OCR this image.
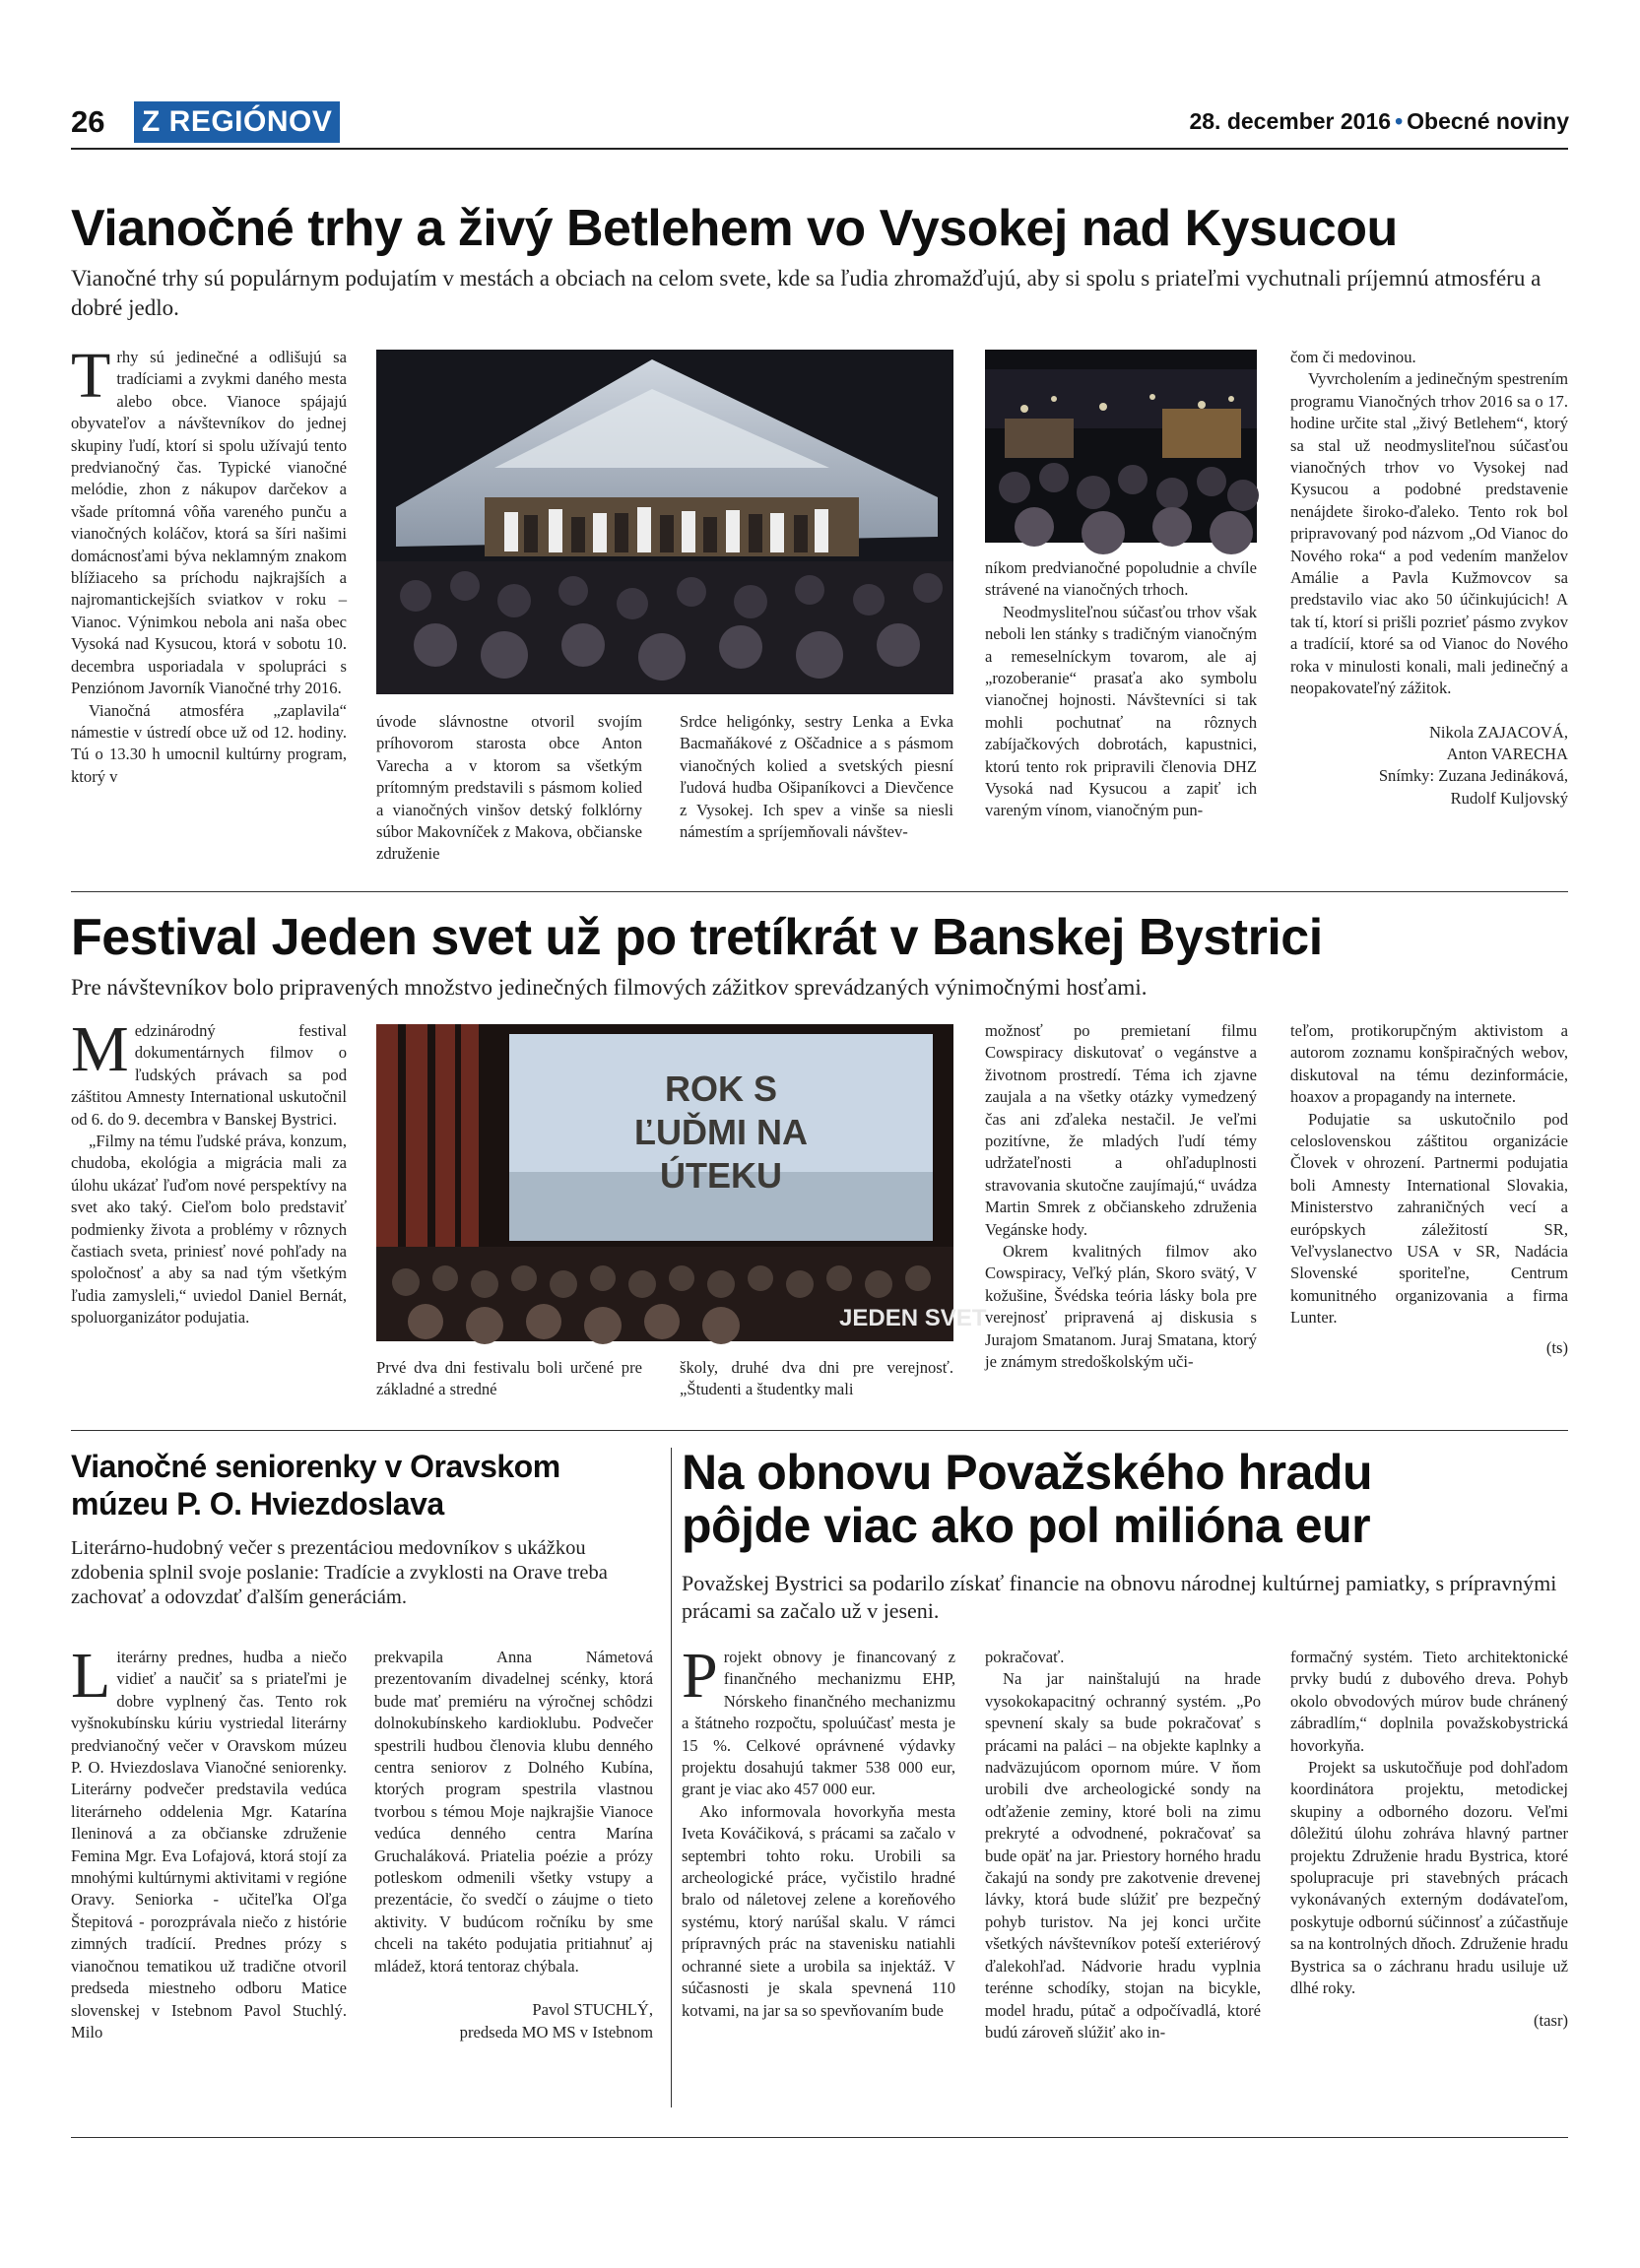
26 Z REGIÓNOV	28. december 2016 • Obecné noviny
Vianočné trhy a živý Betlehem vo Vysokej nad Kysucou
Vianočné trhy sú populárnym podujatím v mestách a obciach na celom svete, kde sa ľudia zhromažďujú, aby si spolu s priateľmi vychutnali príjemnú atmosféru a dobré jedlo.

Trhy sú jedinečné a odlišujú sa tradíciami a zvykmi daného mesta alebo obce. Vianoce spájajú obyvateľov a návštevníkov do jednej skupiny ľudí, ktorí si spolu užívajú tento predvianočný čas. Typické vianočné melódie, zhon z nákupov darčekov a všade prítomná vôňa vareného punču a vianočných koláčov, ktorá sa šíri našimi domácnosťami býva neklamným znakom blížiaceho sa príchodu najkrajších a najromantickejších sviatkov v roku – Vianoc. Výnimkou nebola ani naša obec Vysoká nad Kysucou, ktorá v sobotu 10. decembra usporiadala v spolupráci s Penziónom Javorník Vianočné trhy 2016.

Vianočná atmosféra „zaplavila“ námestie v ústredí obce už od 12. hodiny. Tú o 13.30 h umocnil kultúrny program, ktorý v

úvode slávnostne otvoril svojím príhovorom starosta obce Anton Varecha a v ktorom sa všetkým prítomným predstavili s pásmom kolied a vianočných vinšov detský folklórny súbor Makovníček z Makova, občianske združenie

Srdce heligónky, sestry Lenka a Evka Bacmaňákové z Oščadnice a s pásmom vianočných kolied a svetských piesní ľudová hudba Ošipaníkovci a Dievčence z Vysokej. Ich spev a vinše sa niesli námestím a spríjemňovali návštev-

níkom predvianočné popoludnie a chvíle strávené na vianočných trhoch.

Neodmysliteľnou súčasťou trhov však neboli len stánky s tradičným vianočným a remeselníckym tovarom, ale aj „rozoberanie“ prasaťa ako symbolu vianočnej hojnosti. Návštevníci si tak mohli pochutnať na rôznych zabíjačkových dobrotách, kapustnici, ktorú tento rok pripravili členovia DHZ Vysoká nad Kysucou a zapiť ich vareným vínom, vianočným pun-

čom či medovinou.

Vyvrcholením a jedinečným spestrením programu Vianočných trhov 2016 sa o 17. hodine určite stal „živý Betlehem“, ktorý sa stal už neodmysliteľnou súčasťou vianočných trhov vo Vysokej nad Kysucou a podobné predstavenie nenájdete široko-ďaleko. Tento rok bol pripravovaný pod názvom „Od Vianoc do Nového roka“ a pod vedením manželov Amálie a Pavla Kužmovcov sa predstavilo viac ako 50 účinkujúcich! A tak tí, ktorí si prišli pozrieť pásmo zvykov a tradícií, ktoré sa od Vianoc do Nového roka v minulosti konali, mali jedinečný a neopakovateľný zážitok.

Nikola ZAJACOVÁ,

Anton VARECHA

Snímky: Zuzana Jedináková,

Rudolf Kuljovský

Festival Jeden svet už po tretíkrát v Banskej Bystrici
Pre návštevníkov bolo pripravených množstvo jedinečných filmových zážitkov sprevádzaných výnimočnými hosťami.

Medzinárodný festival dokumentárnych filmov o ľudských právach sa pod záštitou Amnesty International uskutočnil od 6. do 9. decembra v Banskej Bystrici.

„Filmy na tému ľudské práva, konzum, chudoba, ekológia a migrácia mali za úlohu ukázať ľuďom nové perspektívy na svet ako taký. Cieľom bolo predstaviť podmienky života a problémy v rôznych častiach sveta, priniesť nové pohľady na spoločnosť a aby sa nad tým všetkým ľudia zamysleli,“ uviedol Daniel Bernát, spoluorganizátor podujatia.

ROK S
ĽUĎMI NA
ÚTEKU
JEDEN SVET

Prvé dva dni festivalu boli určené pre základné a stredné

školy, druhé dva dni pre verejnosť. „Študenti a študentky mali

možnosť po premietaní filmu Cowspiracy diskutovať o vegánstve a životnom prostredí. Téma ich zjavne zaujala a na všetky otázky vymedzený čas ani zďaleka nestačil. Je veľmi pozitívne, že mladých ľudí témy udržateľnosti a ohľaduplnosti stravovania skutočne zaujímajú,“ uvádza Martin Smrek z občianskeho združenia Vegánske hody.

Okrem kvalitných filmov ako Cowspiracy, Veľký plán, Skoro svätý, V kožušine, Švédska teória lásky bola pre verejnosť pripravená aj diskusia s Jurajom Smatanom. Juraj Smatana, ktorý je známym stredoškolským uči-

teľom, protikorupčným aktivistom a autorom zoznamu konšpiračných webov, diskutoval na tému dezinformácie, hoaxov a propagandy na internete.

Podujatie sa uskutočnilo pod celoslovenskou záštitou organizácie Človek v ohrození. Partnermi podujatia boli Amnesty International Slovakia, Ministerstvo zahraničných vecí a európskych záležitostí SR, Veľvyslanectvo USA v SR, Nadácia Slovenské sporiteľne, Centrum komunitného organizovania a firma Lunter.

(ts)

Vianočné seniorenky v Oravskom
múzeu P. O. Hviezdoslava
Literárno-hudobný večer s prezentáciou medovníkov s ukážkou zdobenia splnil svoje poslanie: Tradície a zvyklosti na Orave treba zachovať a odovzdať ďalším generáciám.

Literárny prednes, hudba a niečo vidieť a naučiť sa s priateľmi je dobre vyplnený čas. Tento rok vyšnokubínsku kúriu vystriedal literárny predvianočný večer v Oravskom múzeu P. O. Hviezdoslava Vianočné seniorenky. Literárny podvečer predstavila vedúca literárneho oddelenia Mgr. Katarína Ileninová a za občianske združenie Femina Mgr. Eva Lofajová, ktorá stojí za mnohými kultúrnymi aktivitami v regióne Oravy. Seniorka - učiteľka Oľga Štepitová - porozprávala niečo z histórie zimných tradícií. Prednes prózy s vianočnou tematikou už tradične otvoril predseda miestneho odboru Matice slovenskej v Istebnom Pavol Stuchlý. Milo

prekvapila Anna Námetová prezentovaním divadelnej scénky, ktorá bude mať premiéru na výročnej schôdzi dolnokubínskeho kardioklubu. Podvečer spestrili hudbou členovia klubu denného centra seniorov z Dolného Kubína, ktorých program spestrila vlastnou tvorbou s témou Moje najkrajšie Vianoce vedúca denného centra Marína Gruchaláková. Priatelia poézie a prózy potleskom odmenili všetky vstupy a prezentácie, čo svedčí o záujme o tieto aktivity. V budúcom ročníku by sme chceli na takéto podujatia pritiahnuť aj mládež, ktorá tentoraz chýbala.

Pavol STUCHLÝ,

predseda MO MS v Istebnom

Na obnovu Považského hradu
pôjde viac ako pol milióna eur
Považskej Bystrici sa podarilo získať financie na obnovu národnej kultúrnej pamiatky, s prípravnými prácami sa začalo už v jeseni.

Projekt obnovy je financovaný z finančného mechanizmu EHP, Nórskeho finančného mechanizmu a štátneho rozpočtu, spoluúčasť mesta je 15 %. Celkové oprávnené výdavky projektu dosahujú takmer 538 000 eur, grant je viac ako 457 000 eur.

Ako informovala hovorkyňa mesta Iveta Kováčiková, s prácami sa začalo v septembri tohto roku. Urobili sa archeologické práce, vyčistilo hradné bralo od náletovej zelene a koreňového systému, ktorý narúšal skalu. V rámci prípravných prác na stavenisku natiahli ochranné siete a urobila sa injektáž. V súčasnosti je skala spevnená 110 kotvami, na jar sa so spevňovaním bude

pokračovať.

Na jar nainštalujú na hrade vysokokapacitný ochranný systém. „Po spevnení skaly sa bude pokračovať s prácami na paláci – na objekte kaplnky a nadväzujúcom opornom múre. V ňom urobili dve archeologické sondy na odťaženie zeminy, ktoré boli na zimu prekryté a odvodnené, pokračovať sa bude opäť na jar. Priestory horného hradu čakajú na sondy pre zakotvenie drevenej lávky, ktorá bude slúžiť pre bezpečný pohyb turistov. Na jej konci určite všetkých návštevníkov poteší exteriérový ďalekohľad. Nádvorie hradu vyplnia terénne schodíky, stojan na bicykle, model hradu, pútač a odpočívadlá, ktoré budú zároveň slúžiť ako in-

formačný systém. Tieto architektonické prvky budú z dubového dreva. Pohyb okolo obvodových múrov bude chránený zábradlím,“ doplnila považskobystrická hovorkyňa.

Projekt sa uskutočňuje pod dohľadom koordinátora projektu, metodickej skupiny a odborného dozoru. Veľmi dôležitú úlohu zohráva hlavný partner projektu Združenie hradu Bystrica, ktoré spolupracuje pri stavebných prácach vykonávaných externým dodávateľom, poskytuje odbornú súčinnosť a zúčastňuje sa na kontrolných dňoch. Združenie hradu Bystrica sa o záchranu hradu usiluje už dlhé roky.

(tasr)
